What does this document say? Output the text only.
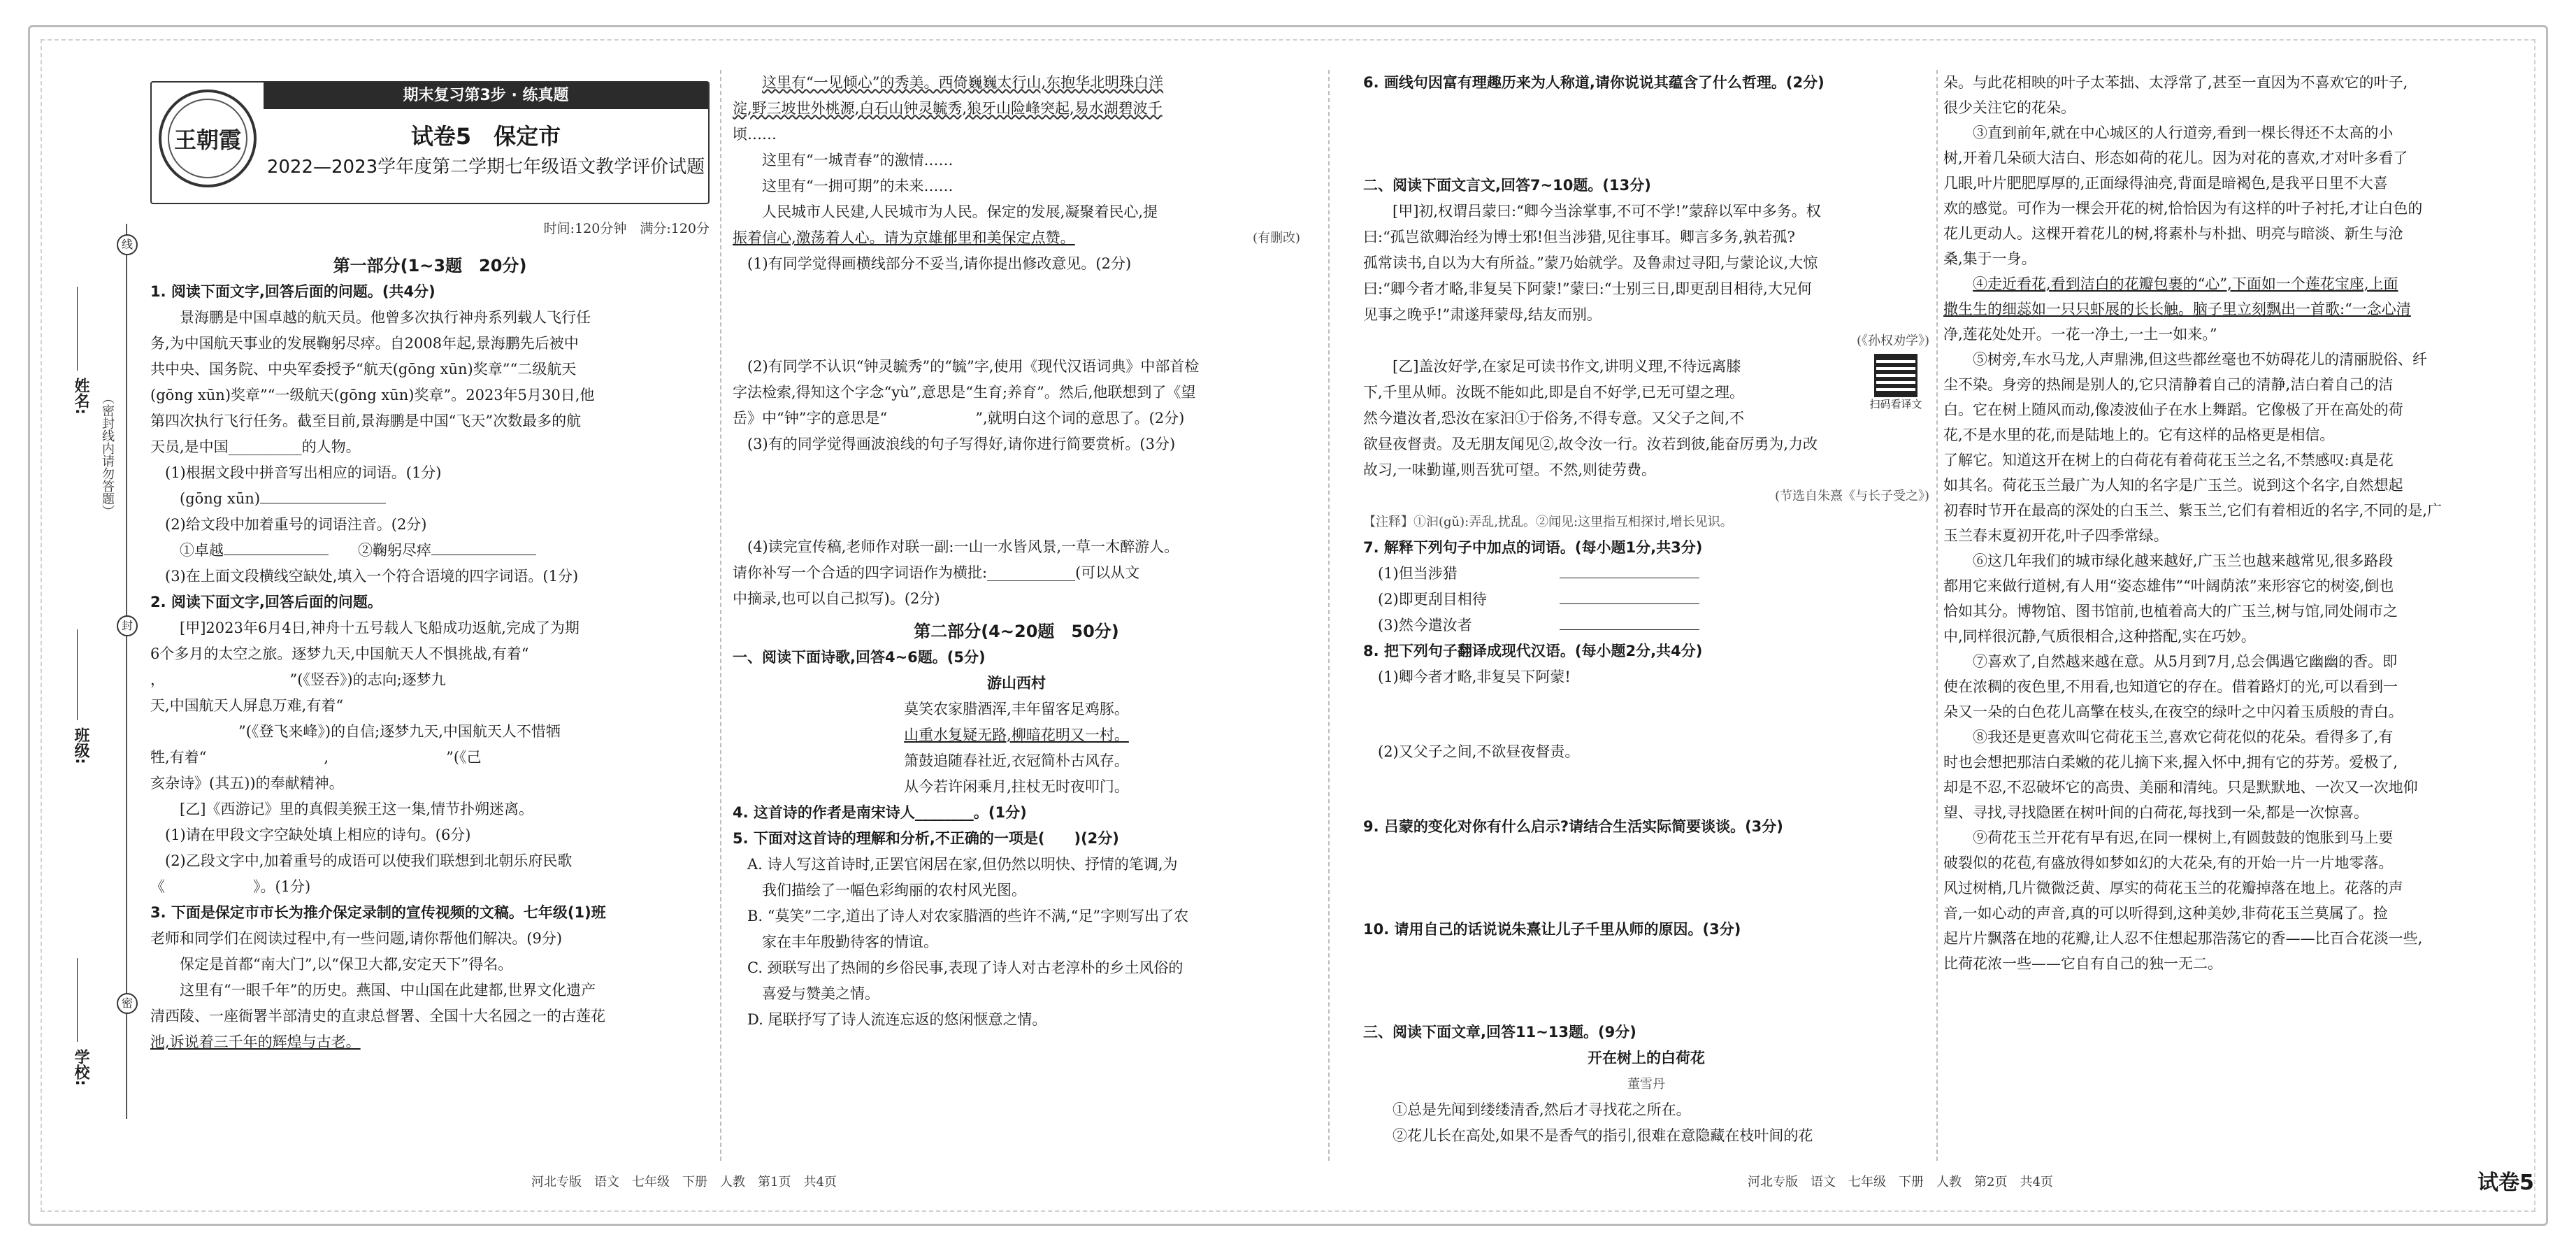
线
封
密
（密封线内请勿答题）
姓名:
班级:
学校:
王朝霞
期末复习第3步 · 练真题
试卷5　保定市
2022—2023学年度第二学期七年级语文教学评价试题
时间:120分钟　满分:120分

第一部分(1~3题　20分)

1. 阅读下面文字,回答后面的问题。(共4分)

景海鹏是中国卓越的航天员。他曾多次执行神舟系列载人飞行任

务,为中国航天事业的发展鞠躬尽瘁。自2008年起,景海鹏先后被中

共中央、国务院、中央军委授予“航天(gōng xūn)奖章”“二级航天

(gōng xūn)奖章”“一级航天(gōng xūn)奖章”。2023年5月30日,他

第四次执行飞行任务。截至目前,景海鹏是中国“飞天”次数最多的航

天员,是中国__________的人物。

(1)根据文段中拼音写出相应的词语。(1分)

(gōng xūn)

(2)给文段中加着重号的词语注音。(2分)

①卓越　　	②鞠躬尽瘁

(3)在上面文段横线空缺处,填入一个符合语境的四字词语。(1分)

2. 阅读下面文字,回答后面的问题。

[甲]2023年6月4日,神舟十五号载人飞船成功返航,完成了为期

6个多月的太空之旅。逐梦九天,中国航天人不惧挑战,有着“

，　　　　　　　　　”(《竖吞》)的志向;逐梦九

天,中国航天人屏息万难,有着“

　　　　　　”(《登飞来峰》)的自信;逐梦九天,中国航天人不惜牺

牲,有着“　　　　　　　　,　　　　　　　　”(《己

亥杂诗》(其五))的奉献精神。

[乙]《西游记》里的真假美猴王这一集,情节扑朔迷离。

(1)请在甲段文字空缺处填上相应的诗句。(6分)

(2)乙段文字中,加着重号的成语可以使我们联想到北朝乐府民歌

《　　　　　　》。(1分)

3. 下面是保定市市长为推介保定录制的宣传视频的文稿。七年级(1)班

老师和同学们在阅读过程中,有一些问题,请你帮他们解决。(9分)

保定是首都“南大门”,以“保卫大都,安定天下”得名。

这里有“一眼千年”的历史。燕国、中山国在此建都,世界文化遗产

清西陵、一座衙署半部清史的直隶总督署、全国十大名园之一的古莲花

池,诉说着三千年的辉煌与古老。

这里有“一见倾心”的秀美。西倚巍巍太行山,东抱华北明珠白洋

淀,野三坡世外桃源,白石山钟灵毓秀,狼牙山险峰突起,易水湖碧波千

顷……

这里有“一城青春”的激情……

这里有“一拥可期”的未来……

人民城市人民建,人民城市为人民。保定的发展,凝聚着民心,提

振着信心,激荡着人心。请为京雄郁里和美保定点赞。	(有删改)

(1)有同学觉得画横线部分不妥当,请你提出修改意见。(2分)

(2)有同学不认识“钟灵毓秀”的“毓”字,使用《现代汉语词典》中部首检

字法检索,得知这个字念“yù”,意思是“生育;养育”。然后,他联想到了《望

岳》中“钟”字的意思是“　　　　　　”,就明白这个词的意思了。(2分)

(3)有的同学觉得画波浪线的句子写得好,请你进行简要赏析。(3分)

(4)读完宣传稿,老师作对联一副:一山一水皆风景,一草一木醉游人。

请你补写一个合适的四字词语作为横批:____________(可以从文

中摘录,也可以自己拟写)。(2分)

第二部分(4~20题　50分)

一、阅读下面诗歌,回答4~6题。(5分)

游山西村

莫笑农家腊酒浑,丰年留客足鸡豚。

山重水复疑无路,柳暗花明又一村。

箫鼓追随春社近,衣冠简朴古风存。

从今若许闲乘月,拄杖无时夜叩门。

4. 这首诗的作者是南宋诗人________。(1分)

5. 下面对这首诗的理解和分析,不正确的一项是(　　)(2分)

A. 诗人写这首诗时,正罢官闲居在家,但仍然以明快、抒情的笔调,为

我们描绘了一幅色彩绚丽的农村风光图。

B. “莫笑”二字,道出了诗人对农家腊酒的些许不满,“足”字则写出了农

家在丰年殷勤待客的情谊。

C. 颈联写出了热闹的乡俗民事,表现了诗人对古老淳朴的乡土风俗的

喜爱与赞美之情。

D. 尾联抒写了诗人流连忘返的悠闲惬意之情。

6. 画线句因富有理趣历来为人称道,请你说说其蕴含了什么哲理。(2分)

二、阅读下面文言文,回答7~10题。(13分)

[甲]初,权谓吕蒙曰:“卿今当涂掌事,不可不学!”蒙辞以军中多务。权

曰:“孤岂欲卿治经为博士邪!但当涉猎,见往事耳。卿言多务,孰若孤?

孤常读书,自以为大有所益。”蒙乃始就学。及鲁肃过寻阳,与蒙论议,大惊

曰:“卿今者才略,非复吴下阿蒙!”蒙曰:“士别三日,即更刮目相待,大兄何

见事之晚乎!”肃遂拜蒙母,结友而别。

(《孙权劝学》)

扫码看译文

[乙]盖汝好学,在家足可读书作文,讲明义理,不待远离膝

下,千里从师。汝既不能如此,即是自不好学,已无可望之理。

然今遣汝者,恐汝在家汩①于俗务,不得专意。又父子之间,不

欲昼夜督责。及无朋友闻见②,故令汝一行。汝若到彼,能奋厉勇为,力改

故习,一味勤谨,则吾犹可望。不然,则徒劳费。

(节选自朱熹《与长子受之》)

【注释】①汩(gǔ):弄乱,扰乱。②闻见:这里指互相探讨,增长见识。

7. 解释下列句子中加点的词语。(每小题1分,共3分)

(1)但当涉猎

(2)即更刮目相待

(3)然今遣汝者

8. 把下列句子翻译成现代汉语。(每小题2分,共4分)

(1)卿今者才略,非复吴下阿蒙!

(2)又父子之间,不欲昼夜督责。

9. 吕蒙的变化对你有什么启示?请结合生活实际简要谈谈。(3分)

10. 请用自己的话说说朱熹让儿子千里从师的原因。(3分)

三、阅读下面文章,回答11~13题。(9分)

开在树上的白荷花

董雪丹

①总是先闻到缕缕清香,然后才寻找花之所在。

②花儿长在高处,如果不是香气的指引,很难在意隐藏在枝叶间的花

朵。与此花相映的叶子太苯拙、太浮常了,甚至一直因为不喜欢它的叶子,

很少关注它的花朵。

③直到前年,就在中心城区的人行道旁,看到一棵长得还不太高的小

树,开着几朵硕大洁白、形态如荷的花儿。因为对花的喜欢,才对叶多看了

几眼,叶片肥肥厚厚的,正面绿得油亮,背面是暗褐色,是我平日里不大喜

欢的感觉。可作为一棵会开花的树,恰恰因为有这样的叶子衬托,才让白色的

花儿更动人。这棵开着花儿的树,将素朴与朴拙、明亮与暗淡、新生与沧

桑,集于一身。

④走近看花,看到洁白的花瓣包裹的“心”,下面如一个莲花宝座,上面

撒生生的细蕊如一只只虾展的长长触。脑子里立刻飘出一首歌:“一念心清

净,莲花处处开。一花一净土,一土一如来。”

⑤树旁,车水马龙,人声鼎沸,但这些都丝毫也不妨碍花儿的清丽脱俗、纤

尘不染。身旁的热闹是别人的,它只清静着自己的清静,洁白着自己的洁

白。它在树上随风而动,像凌波仙子在水上舞蹈。它像极了开在高处的荷

花,不是水里的花,而是陆地上的。它有这样的品格更是相信。

了解它。知道这开在树上的白荷花有着荷花玉兰之名,不禁感叹:真是花

如其名。荷花玉兰最广为人知的名字是广玉兰。说到这个名字,自然想起

初春时节开在最高的深处的白玉兰、紫玉兰,它们有着相近的名字,不同的是,广

玉兰春末夏初开花,叶子四季常绿。

⑥这几年我们的城市绿化越来越好,广玉兰也越来越常见,很多路段

都用它来做行道树,有人用“姿态雄伟”“叶阔荫浓”来形容它的树姿,倒也

恰如其分。博物馆、图书馆前,也植着高大的广玉兰,树与馆,同处闹市之

中,同样很沉静,气质很相合,这种搭配,实在巧妙。

⑦喜欢了,自然越来越在意。从5月到7月,总会偶遇它幽幽的香。即

使在浓稠的夜色里,不用看,也知道它的存在。借着路灯的光,可以看到一

朵又一朵的白色花儿高擎在枝头,在夜空的绿叶之中闪着玉质般的青白。

⑧我还是更喜欢叫它荷花玉兰,喜欢它荷花似的花朵。看得多了,有

时也会想把那洁白柔嫩的花儿摘下来,握入怀中,拥有它的芬芳。爱极了,

却是不忍,不忍破坏它的高贵、美丽和清纯。只是默默地、一次又一次地仰

望、寻找,寻找隐匿在树叶间的白荷花,每找到一朵,都是一次惊喜。

⑨荷花玉兰开花有早有迟,在同一棵树上,有圆鼓鼓的饱胀到马上要

破裂似的花苞,有盛放得如梦如幻的大花朵,有的开始一片一片地零落。

风过树梢,几片微微泛黄、厚实的荷花玉兰的花瓣掉落在地上。花落的声

音,一如心动的声音,真的可以听得到,这种美妙,非荷花玉兰莫属了。捡

起片片飘落在地的花瓣,让人忍不住想起那浩荡它的香——比百合花淡一些,

比荷花浓一些——它自有自己的独一无二。

河北专版　语文　七年级　下册　人教　第1页　共4页	河北专版　语文　七年级　下册　人教　第2页　共4页	试卷5
